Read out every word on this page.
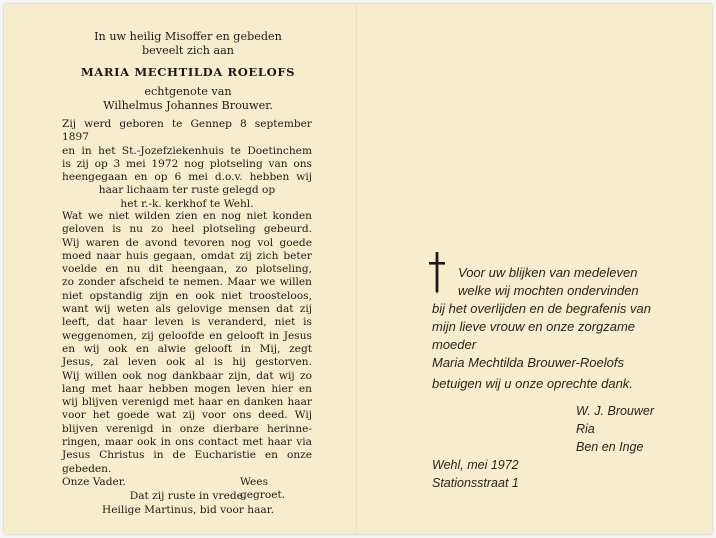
In uw heilig Misoffer en gebeden
beveelt zich aan
MARIA MECHTILDA ROELOFS
echtgenote van
Wilhelmus Johannes Brouwer.
Zij werd geboren te Gennep 8 september 1897
en in het St.-Jozefziekenhuis te Doetinchem
is zij op 3 mei 1972 nog plotseling van ons
heengegaan en op 6 mei d.o.v. hebben wij
haar lichaam ter ruste gelegd op
het r.-k. kerkhof te Wehl.
Wat we niet wilden zien en nog niet konden
geloven is nu zo heel plotseling gebeurd.
Wij waren de avond tevoren nog vol goede
moed naar huis gegaan, omdat zij zich beter
voelde en nu dit heengaan, zo plotseling,
zo zonder afscheid te nemen. Maar we willen
niet opstandig zijn en ook niet troosteloos,
want wij weten als gelovige mensen dat zij
leeft, dat haar leven is veranderd, niet is
weggenomen, zij geloofde en gelooft in Jesus
en wij ook en alwie gelooft in Mij, zegt
Jesus, zal leven ook al is hij gestorven.
Wij willen ook nog dankbaar zijn, dat wij zo
lang met haar hebben mogen leven hier en
wij blijven verenigd met haar en danken haar
voor het goede wat zij voor ons deed. Wij
blijven verenigd in onze dierbare herinne-
ringen, maar ook in ons contact met haar via
Jesus Christus in de Eucharistie en onze
gebeden.
Onze Vader.	Wees gegroet.
Dat zij ruste in vrede.
Heilige Martinus, bid voor haar.
Voor uw blijken van medeleven
welke wij mochten ondervinden
bij het overlijden en de begrafenis van
mijn lieve vrouw en onze zorgzame
moeder
Maria Mechtilda Brouwer-Roelofs
betuigen wij u onze oprechte dank.
W. J. Brouwer
Ria
Ben en Inge
Wehl, mei 1972
Stationsstraat 1
